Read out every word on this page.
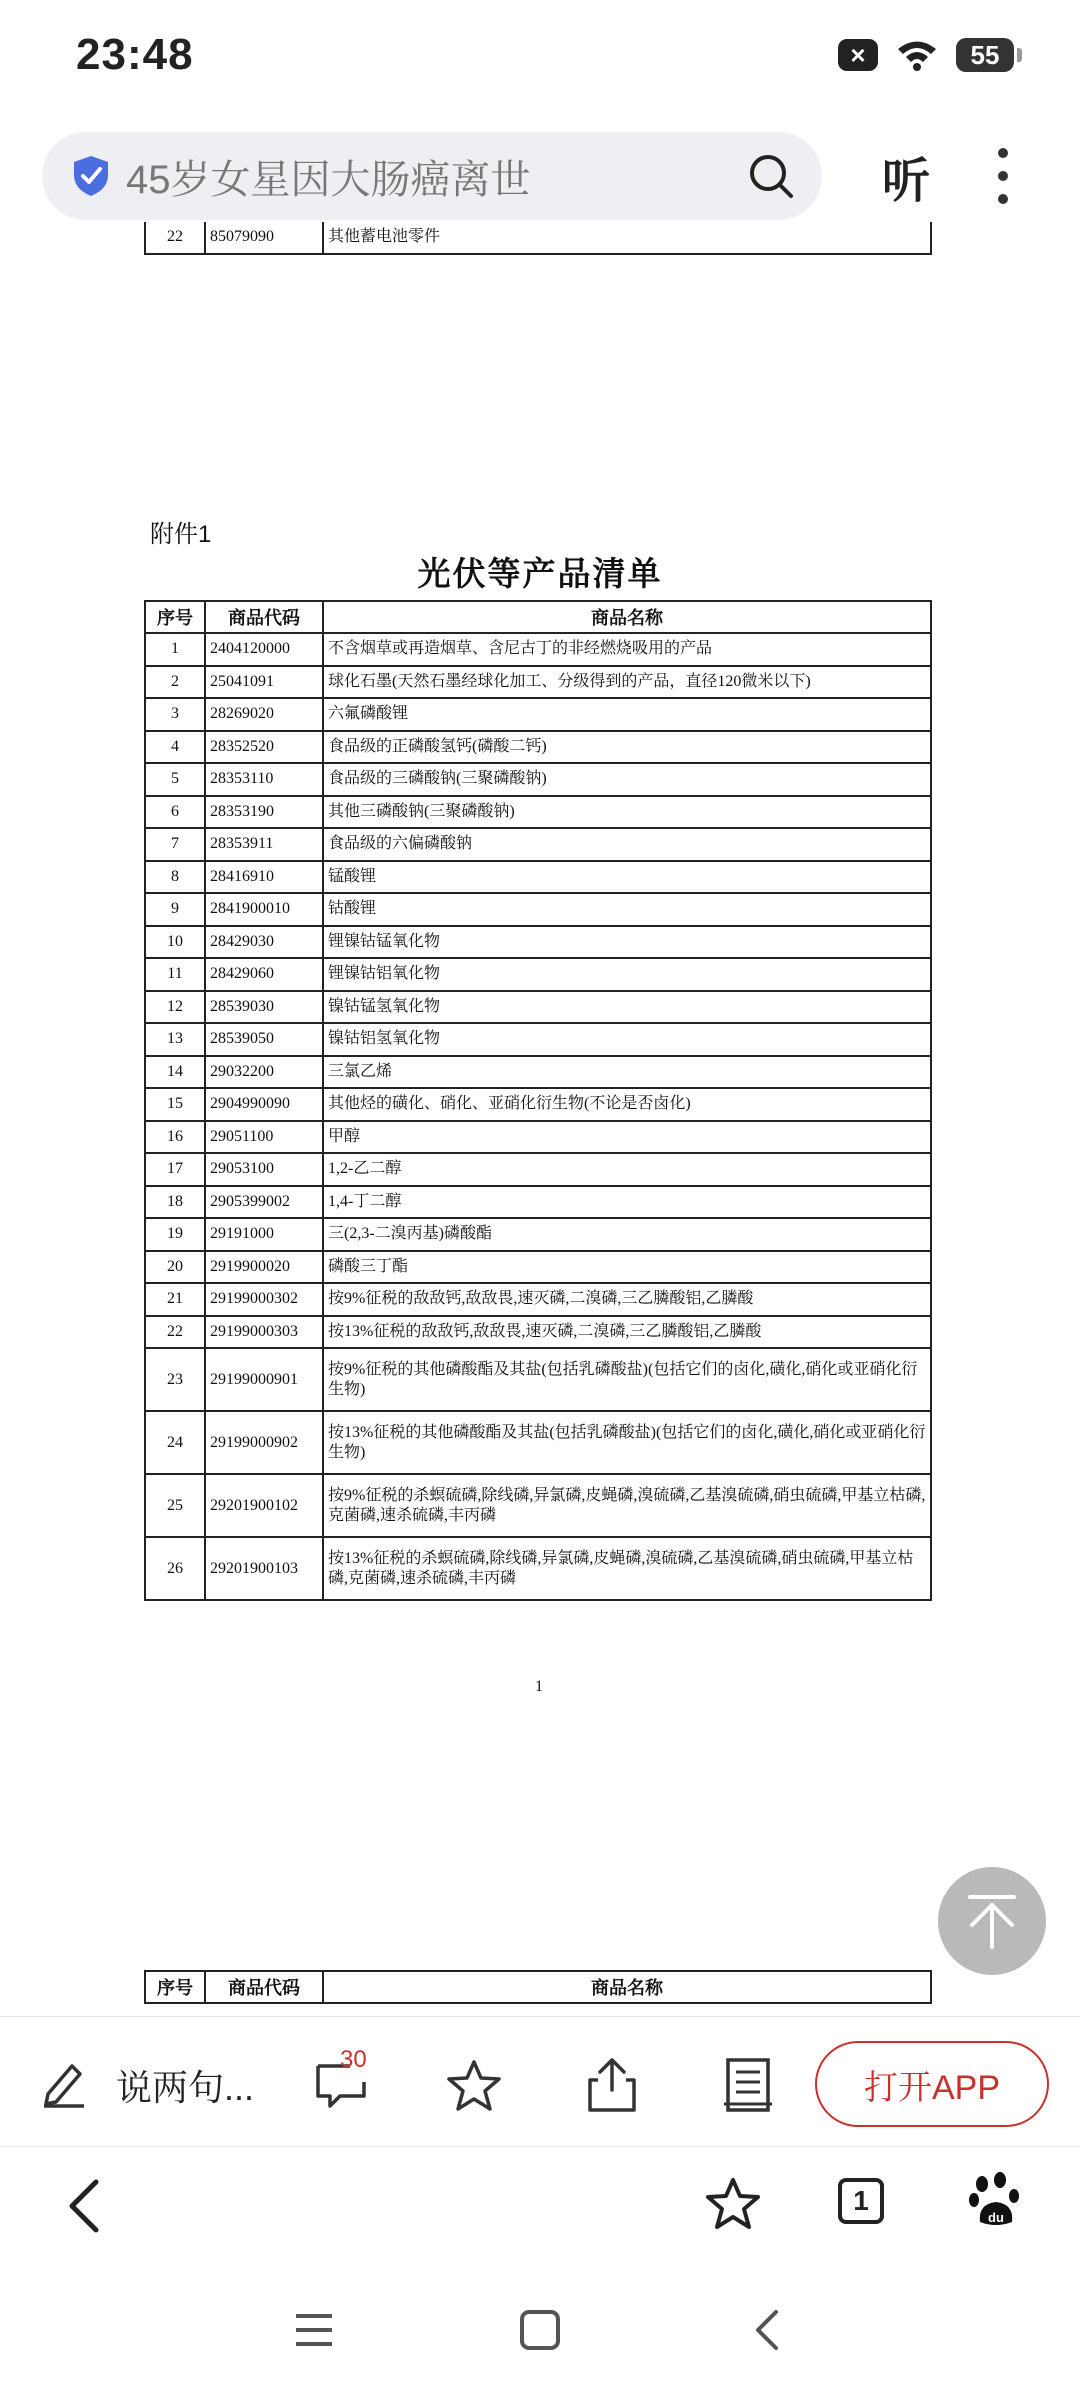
23:48	×	55
45岁女星因大肠癌离世	听
22	85079090	其他蓄电池零件
附件1
光伏等产品清单
序号	商品代码	商品名称
1	2404120000	不含烟草或再造烟草、含尼古丁的非经燃烧吸用的产品
2	25041091	球化石墨(天然石墨经球化加工、分级得到的产品，直径120微米以下)
3	28269020	六氟磷酸锂
4	28352520	食品级的正磷酸氢钙(磷酸二钙)
5	28353110	食品级的三磷酸钠(三聚磷酸钠)
6	28353190	其他三磷酸钠(三聚磷酸钠)
7	28353911	食品级的六偏磷酸钠
8	28416910	锰酸锂
9	2841900010	钴酸锂
10	28429030	锂镍钴锰氧化物
11	28429060	锂镍钴铝氧化物
12	28539030	镍钴锰氢氧化物
13	28539050	镍钴铝氢氧化物
14	29032200	三氯乙烯
15	2904990090	其他烃的磺化、硝化、亚硝化衍生物(不论是否卤化)
16	29051100	甲醇
17	29053100	1,2-乙二醇
18	2905399002	1,4-丁二醇
19	29191000	三(2,3-二溴丙基)磷酸酯
20	2919900020	磷酸三丁酯
21	29199000302	按9%征税的敌敌钙,敌敌畏,速灭磷,二溴磷,三乙膦酸铝,乙膦酸
22	29199000303	按13%征税的敌敌钙,敌敌畏,速灭磷,二溴磷,三乙膦酸铝,乙膦酸
23	29199000901	按9%征税的其他磷酸酯及其盐(包括乳磷酸盐)(包括它们的卤化,磺化,硝化或亚硝化衍生物)
24	29199000902	按13%征税的其他磷酸酯及其盐(包括乳磷酸盐)(包括它们的卤化,磺化,硝化或亚硝化衍生物)
25	29201900102	按9%征税的杀螟硫磷,除线磷,异氯磷,皮蝇磷,溴硫磷,乙基溴硫磷,硝虫硫磷,甲基立枯磷,克菌磷,速杀硫磷,丰丙磷
26	29201900103	按13%征税的杀螟硫磷,除线磷,异氯磷,皮蝇磷,溴硫磷,乙基溴硫磷,硝虫硫磷,甲基立枯磷,克菌磷,速杀硫磷,丰丙磷
1
序号	商品代码	商品名称
说两句...
30
打开APP
1
du
